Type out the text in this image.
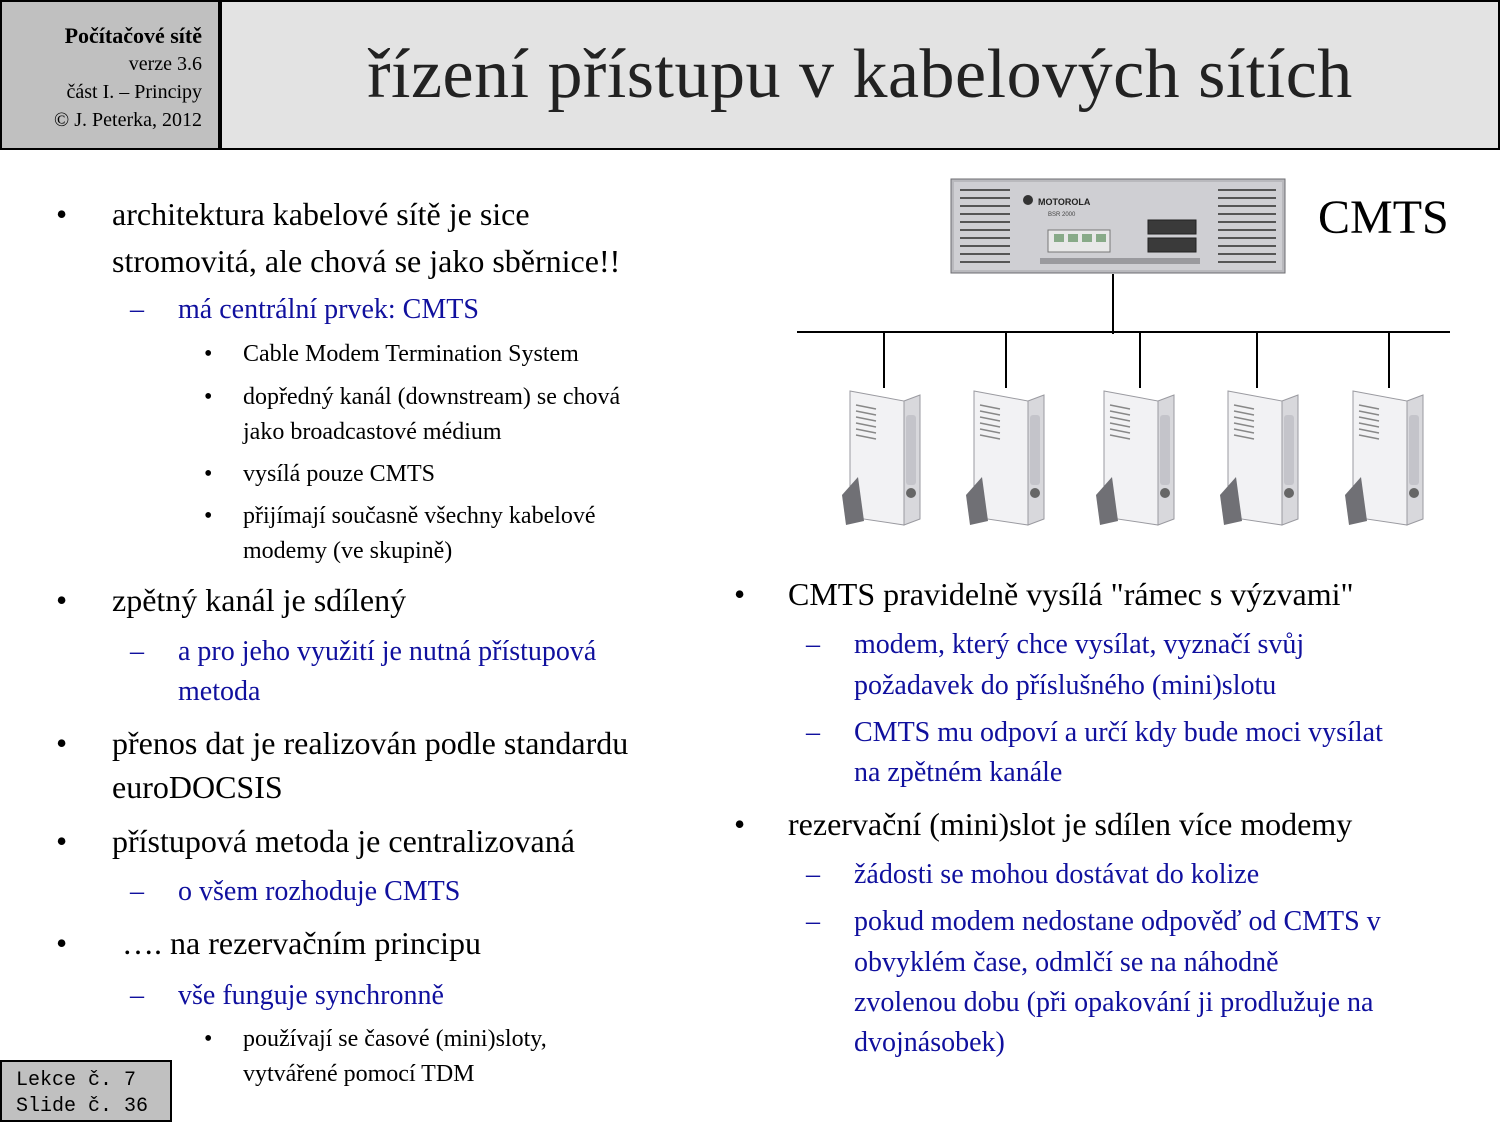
Počítačové sítě
verze 3.6
část I. – Principy
© J. Peterka, 2012
řízení přístupu v kabelových sítích
MOTOROLA
BSR 2000	CMTS
• architektura kabelové sítě je sice
stromovitá, ale chová se jako sběrnice!!
– má centrální prvek: CMTS
• Cable Modem Termination System
• dopředný kanál (downstream) se chová
jako broadcastové médium
• vysílá pouze CMTS
• přijímají současně všechny kabelové
modemy (ve skupině)
• zpětný kanál je sdílený
– a pro jeho využití je nutná přístupová
metoda
• přenos dat je realizován podle standardu
euroDOCSIS
• přístupová metoda je centralizovaná
– o všem rozhoduje CMTS
• …. na rezervačním principu
– vše funguje synchronně
• používají se časové (mini)sloty,
vytvářené pomocí TDM
• CMTS pravidelně vysílá "rámec s výzvami"
– modem, který chce vysílat, vyznačí svůj
požadavek do příslušného (mini)slotu
– CMTS mu odpoví a určí kdy bude moci vysílat
na zpětném kanále
• rezervační (mini)slot je sdílen více modemy
– žádosti se mohou dostávat do kolize
– pokud modem nedostane odpověď od CMTS v
obvyklém čase, odmlčí se na náhodně
zvolenou dobu (při opakování ji prodlužuje na
dvojnásobek)
Lekce č. 7
Slide č. 36
